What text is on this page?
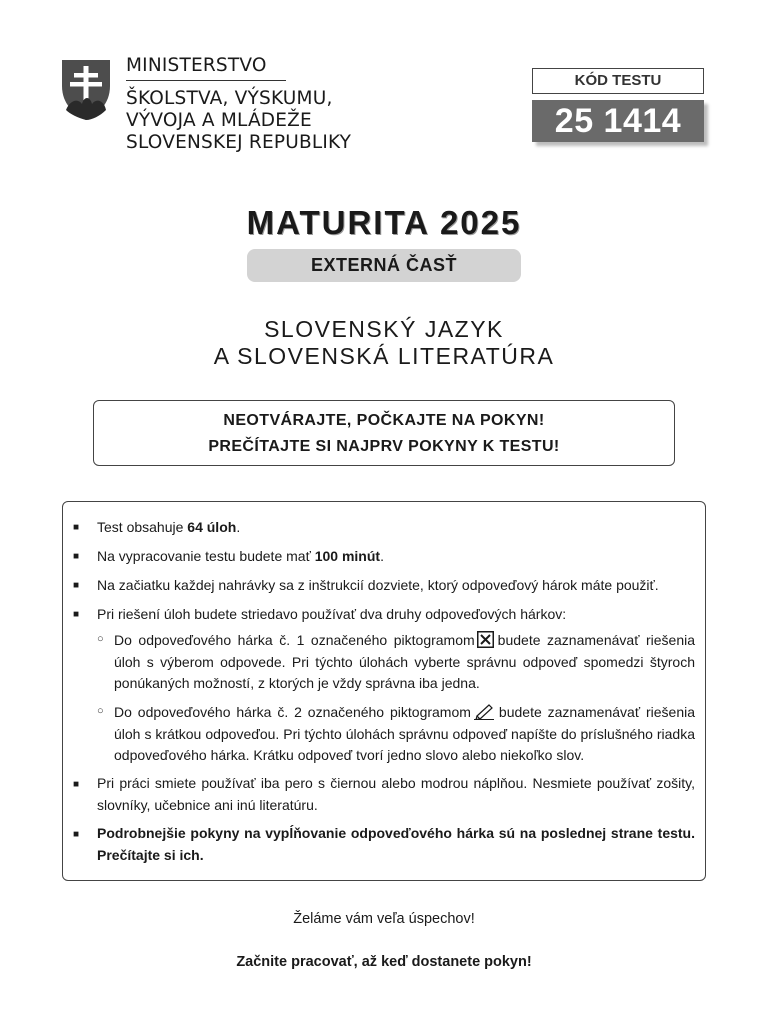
MINISTERSTVO
ŠKOLSTVA, VÝSKUMU,
VÝVOJA A MLÁDEŽE
SLOVENSKEJ REPUBLIKY
KÓD TESTU
25 1414
MATURITA 2025
EXTERNÁ ČASŤ
SLOVENSKÝ JAZYK
A SLOVENSKÁ LITERATÚRA
NEOTVÁRAJTE, POČKAJTE NA POKYN!
PREČÍTAJTE SI NAJPRV POKYNY K TESTU!
■ Test obsahuje 64 úloh.
■ Na vypracovanie testu budete mať 100 minút.
■ Na začiatku každej nahrávky sa z inštrukcií dozviete, ktorý odpoveďový hárok máte použiť.
■ Pri riešení úloh budete striedavo používať dva druhy odpoveďových hárkov:
○ Do odpoveďového hárka č. 1 označeného piktogramom budete zaznamenávať riešenia úloh s výberom odpovede. Pri týchto úlohách vyberte správnu odpoveď spomedzi štyroch ponúkaných možností, z ktorých je vždy správna iba jedna.
○ Do odpoveďového hárka č. 2 označeného piktogramom budete zaznamenávať riešenia úloh s krátkou odpoveďou. Pri týchto úlohách správnu odpoveď napíšte do príslušného riadka odpoveďového hárka. Krátku odpoveď tvorí jedno slovo alebo niekoľko slov.
■ Pri práci smiete používať iba pero s čiernou alebo modrou náplňou. Nesmiete používať zošity, slovníky, učebnice ani inú literatúru.
■ Podrobnejšie pokyny na vypĺňovanie odpoveďového hárka sú na poslednej strane testu. Prečítajte si ich.
Želáme vám veľa úspechov!
Začnite pracovať, až keď dostanete pokyn!
